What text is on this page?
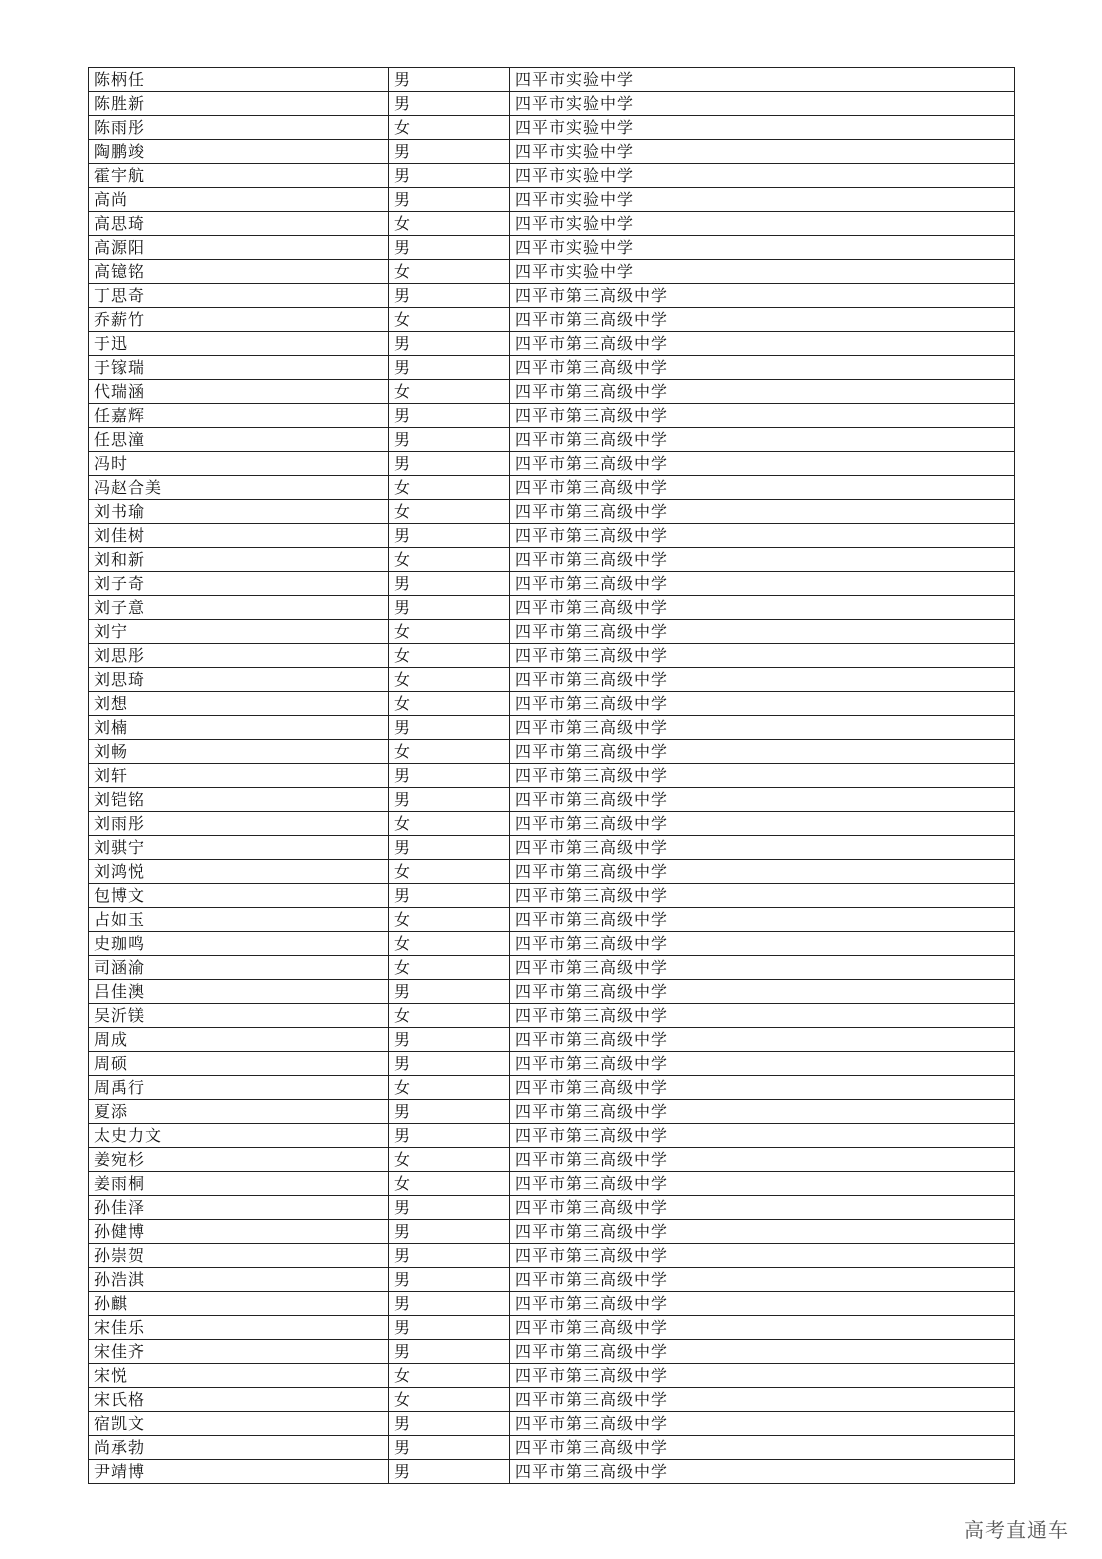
陈柄任	男	四平市实验中学
陈胜新	男	四平市实验中学
陈雨彤	女	四平市实验中学
陶鹏竣	男	四平市实验中学
霍宇航	男	四平市实验中学
高尚	男	四平市实验中学
高思琦	女	四平市实验中学
高源阳	男	四平市实验中学
高镱铭	女	四平市实验中学
丁思奇	男	四平市第三高级中学
乔薪竹	女	四平市第三高级中学
于迅	男	四平市第三高级中学
于镓瑞	男	四平市第三高级中学
代瑞涵	女	四平市第三高级中学
任嘉辉	男	四平市第三高级中学
任思潼	男	四平市第三高级中学
冯时	男	四平市第三高级中学
冯赵合美	女	四平市第三高级中学
刘书瑜	女	四平市第三高级中学
刘佳树	男	四平市第三高级中学
刘和新	女	四平市第三高级中学
刘子奇	男	四平市第三高级中学
刘子意	男	四平市第三高级中学
刘宁	女	四平市第三高级中学
刘思彤	女	四平市第三高级中学
刘思琦	女	四平市第三高级中学
刘想	女	四平市第三高级中学
刘楠	男	四平市第三高级中学
刘畅	女	四平市第三高级中学
刘轩	男	四平市第三高级中学
刘铠铭	男	四平市第三高级中学
刘雨彤	女	四平市第三高级中学
刘骐宁	男	四平市第三高级中学
刘鸿悦	女	四平市第三高级中学
包博文	男	四平市第三高级中学
占如玉	女	四平市第三高级中学
史珈鸣	女	四平市第三高级中学
司涵渝	女	四平市第三高级中学
吕佳澳	男	四平市第三高级中学
吴沂镁	女	四平市第三高级中学
周成	男	四平市第三高级中学
周硕	男	四平市第三高级中学
周禹行	女	四平市第三高级中学
夏添	男	四平市第三高级中学
太史力文	男	四平市第三高级中学
姜宛杉	女	四平市第三高级中学
姜雨桐	女	四平市第三高级中学
孙佳泽	男	四平市第三高级中学
孙健博	男	四平市第三高级中学
孙崇贺	男	四平市第三高级中学
孙浩淇	男	四平市第三高级中学
孙麒	男	四平市第三高级中学
宋佳乐	男	四平市第三高级中学
宋佳齐	男	四平市第三高级中学
宋悦	女	四平市第三高级中学
宋氏格	女	四平市第三高级中学
宿凯文	男	四平市第三高级中学
尚承勃	男	四平市第三高级中学
尹靖博	男	四平市第三高级中学
高考直通车
